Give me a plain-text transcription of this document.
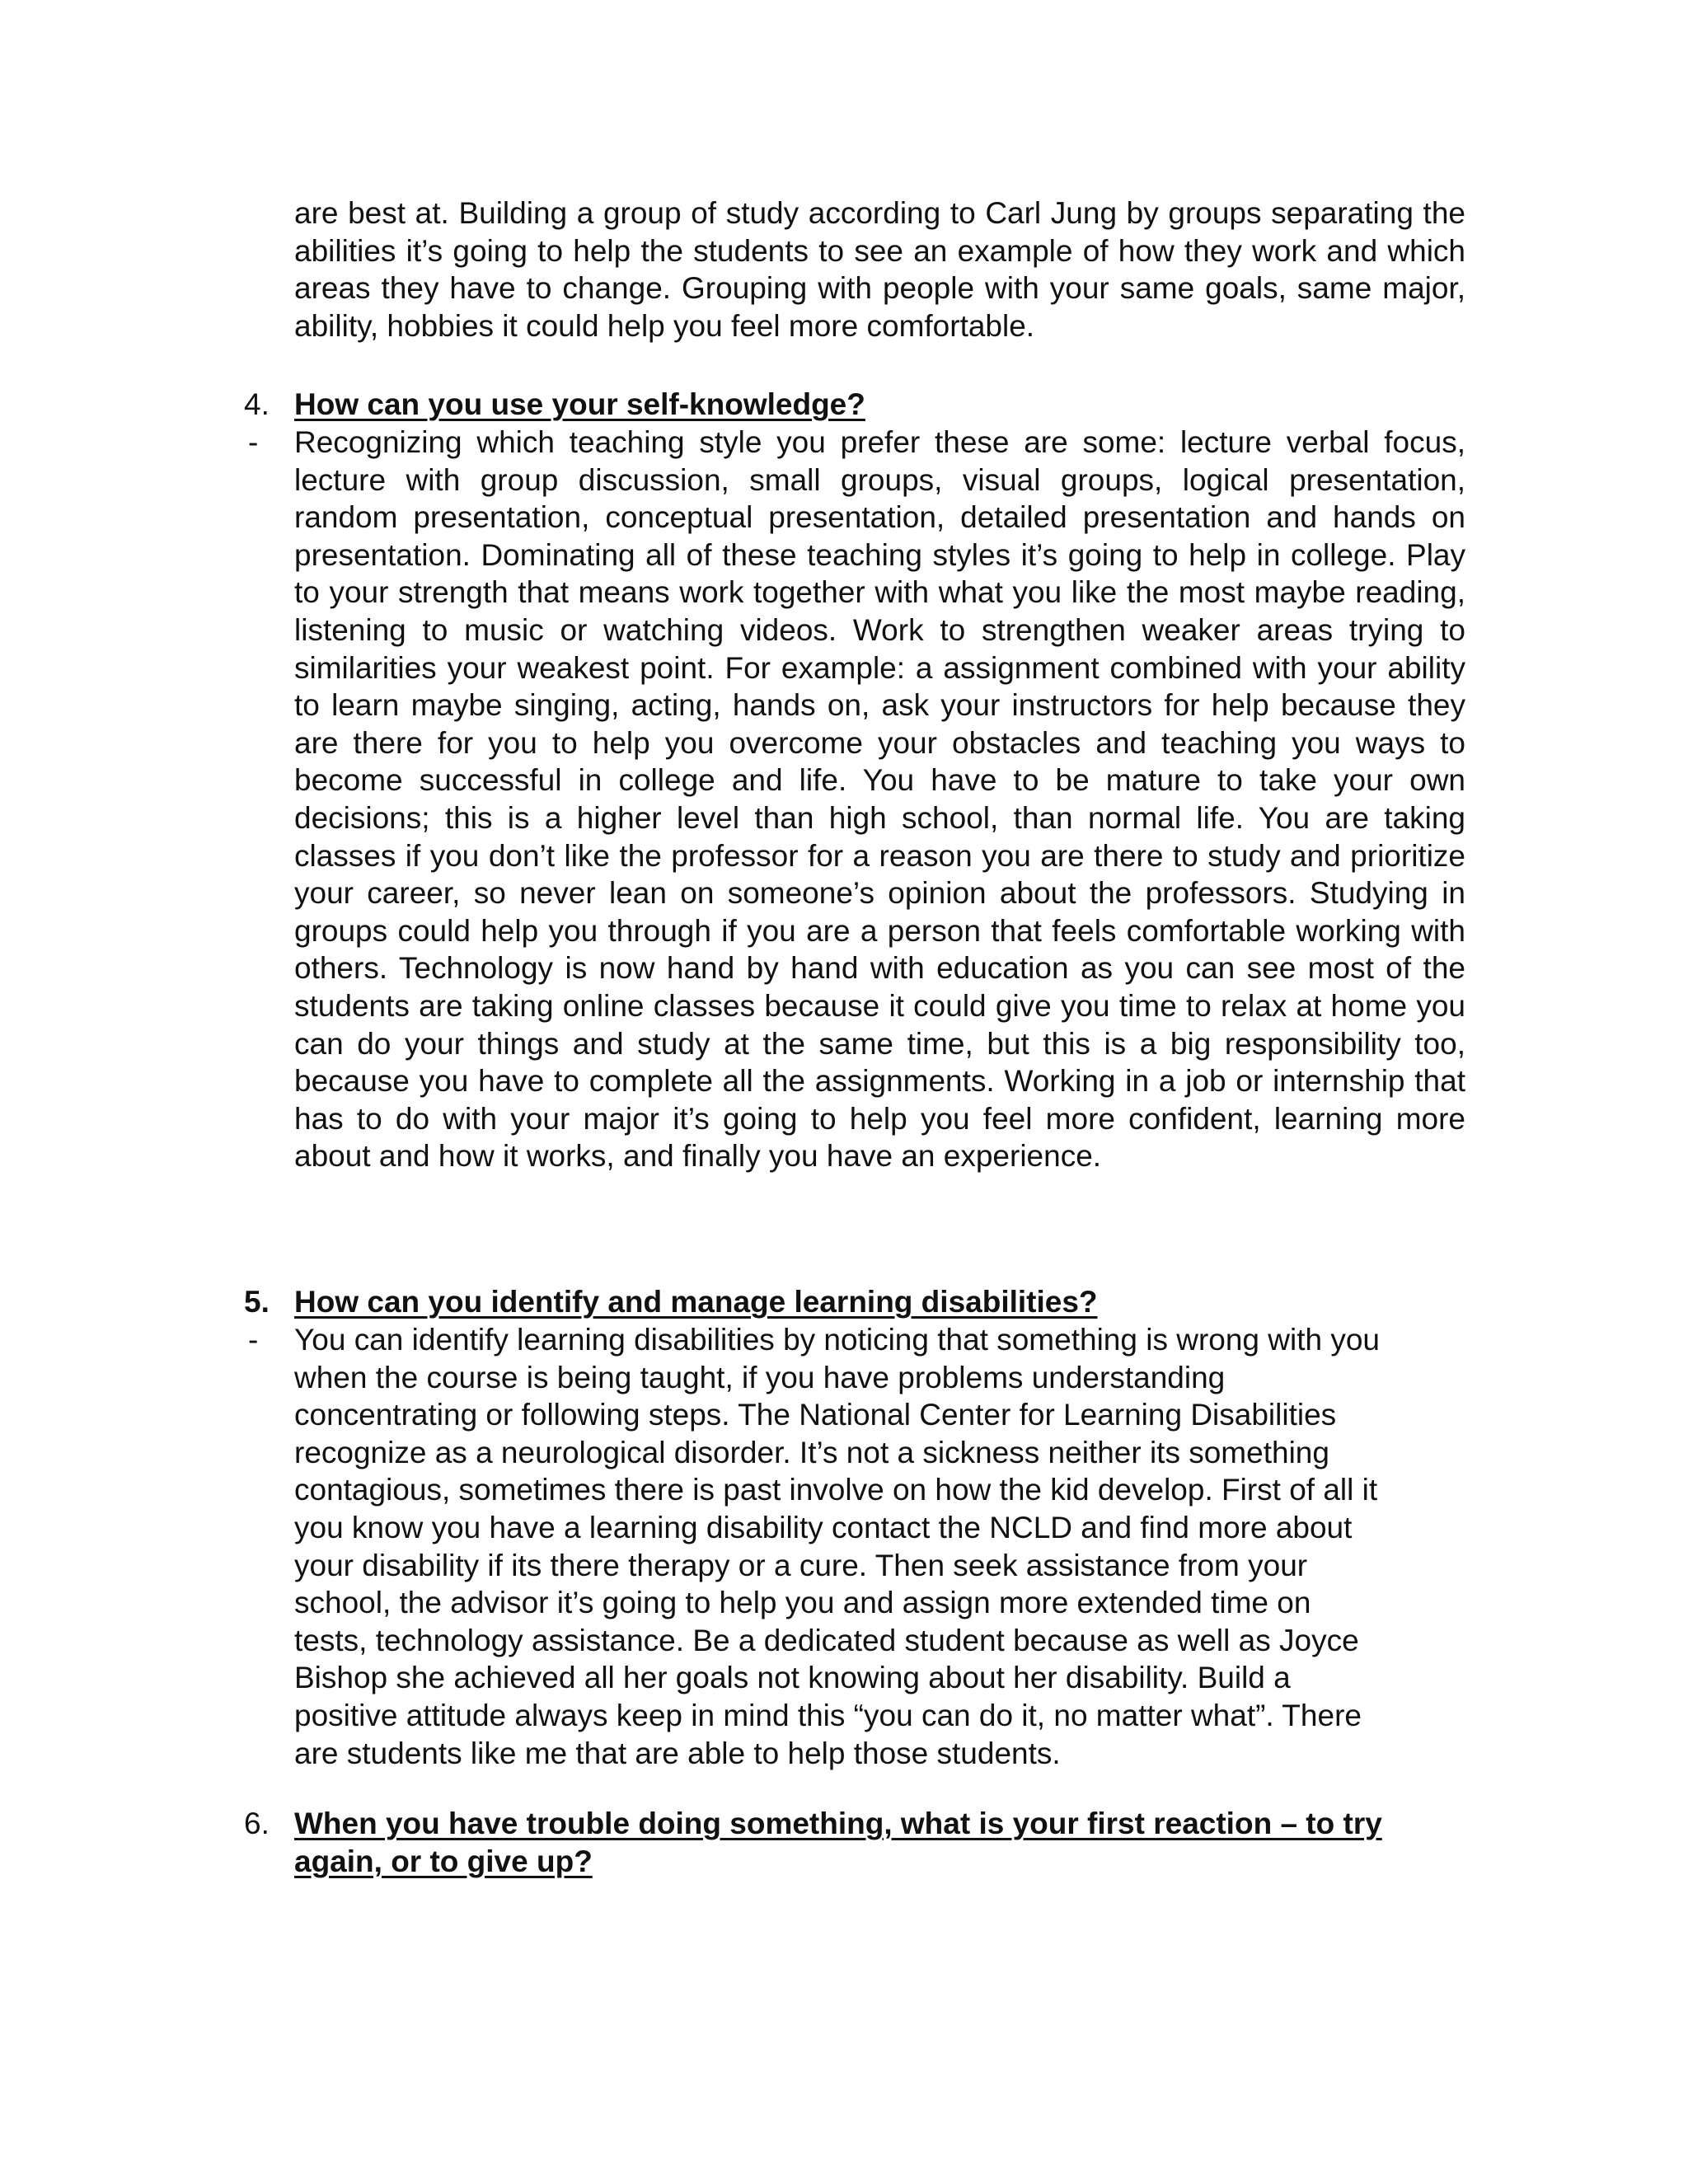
are best at. Building a group of study according to Carl Jung by groups separating the abilities it’s going to help the students to see an example of how they work and which areas they have to change. Grouping with people with your same goals, same major, ability, hobbies it could help you feel more comfortable.
4. How can you use your self-knowledge?
- Recognizing which teaching style you prefer these are some: lecture verbal focus, lecture with group discussion, small groups, visual groups, logical presentation, random presentation, conceptual presentation, detailed presentation and hands on presentation. Dominating all of these teaching styles it’s going to help in college. Play to your strength that means work together with what you like the most maybe reading, listening to music or watching videos. Work to strengthen weaker areas trying to similarities your weakest point. For example: a assignment combined with your ability to learn maybe singing, acting, hands on, ask your instructors for help because they are there for you to help you overcome your obstacles and teaching you ways to become successful in college and life. You have to be mature to take your own decisions; this is a higher level than high school, than normal life. You are taking classes if you don’t like the professor for a reason you are there to study and prioritize your career, so never lean on someone’s opinion about the professors. Studying in groups could help you through if you are a person that feels comfortable working with others. Technology is now hand by hand with education as you can see most of the students are taking online classes because it could give you time to relax at home you can do your things and study at the same time, but this is a big responsibility too, because you have to complete all the assignments. Working in a job or internship that has to do with your major it’s going to help you feel more confident, learning more about and how it works, and finally you have an experience.
5. How can you identify and manage learning disabilities?
- You can identify learning disabilities by noticing that something is wrong with you
when the course is being taught, if you have problems understanding
concentrating or following steps. The National Center for Learning Disabilities
recognize as a neurological disorder. It’s not a sickness neither its something
contagious, sometimes there is past involve on how the kid develop. First of all it
you know you have a learning disability contact the NCLD and find more about
your disability if its there therapy or a cure. Then seek assistance from your
school, the advisor it’s going to help you and assign more extended time on
tests, technology assistance. Be a dedicated student because as well as Joyce
Bishop she achieved all her goals not knowing about her disability. Build a
positive attitude always keep in mind this “you can do it, no matter what”. There
are students like me that are able to help those students.
6. When you have trouble doing something, what is your first reaction – to try
again, or to give up?
